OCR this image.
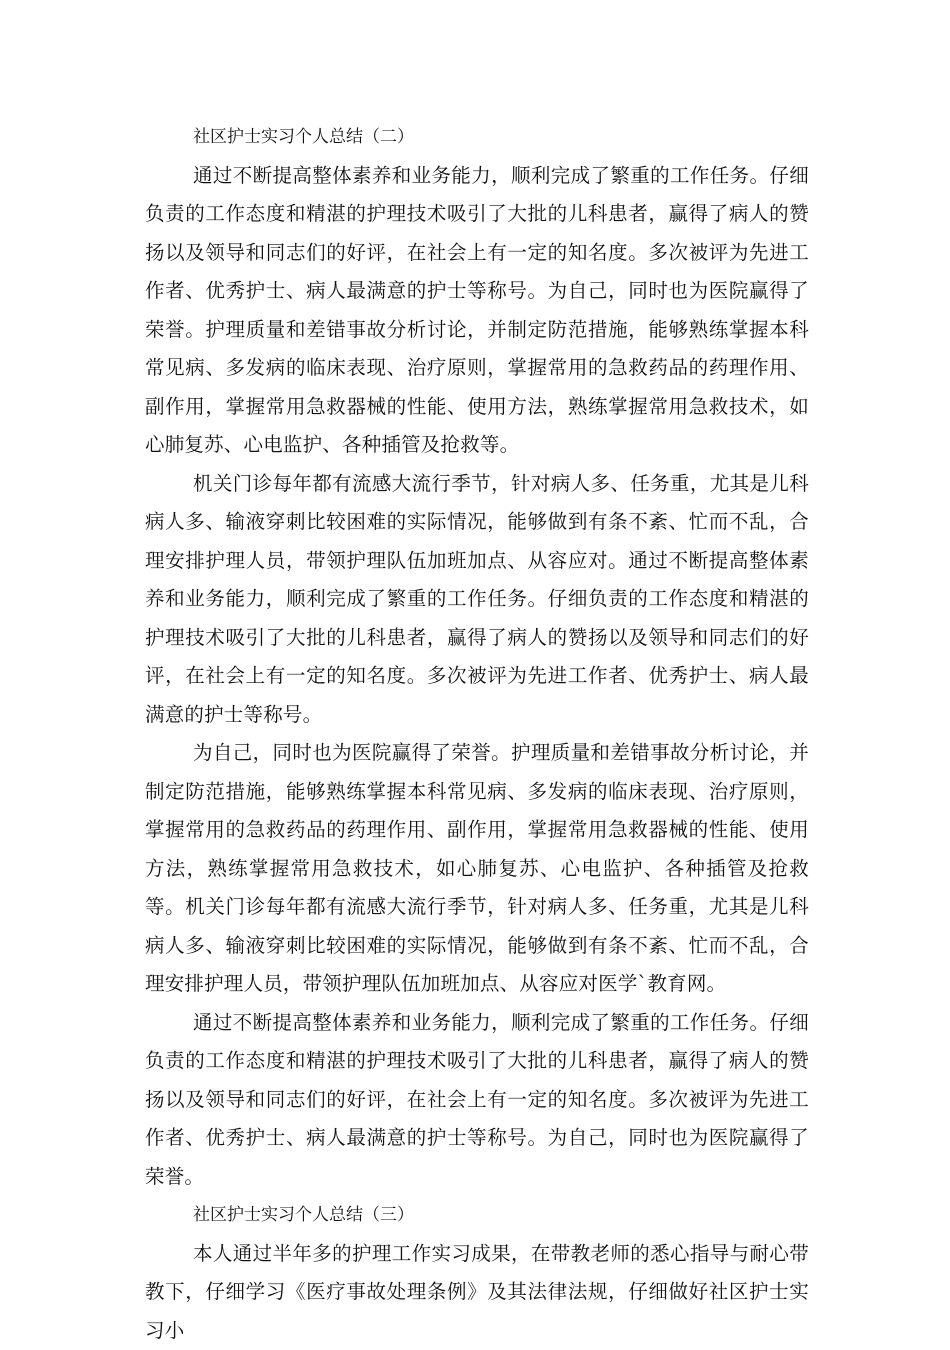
社区护士实习个人总结（二）

通过不断提高整体素养和业务能力，顺利完成了繁重的工作任务。仔细负责的工作态度和精湛的护理技术吸引了大批的儿科患者，赢得了病人的赞扬以及领导和同志们的好评，在社会上有一定的知名度。多次被评为先进工作者、优秀护士、病人最满意的护士等称号。为自己，同时也为医院赢得了荣誉。护理质量和差错事故分析讨论，并制定防范措施，能够熟练掌握本科常见病、多发病的临床表现、治疗原则，掌握常用的急救药品的药理作用、副作用，掌握常用急救器械的性能、使用方法，熟练掌握常用急救技术，如心肺复苏、心电监护、各种插管及抢救等。

机关门诊每年都有流感大流行季节，针对病人多、任务重，尤其是儿科病人多、输液穿刺比较困难的实际情况，能够做到有条不紊、忙而不乱，合理安排护理人员，带领护理队伍加班加点、从容应对。通过不断提高整体素养和业务能力，顺利完成了繁重的工作任务。仔细负责的工作态度和精湛的护理技术吸引了大批的儿科患者，赢得了病人的赞扬以及领导和同志们的好评，在社会上有一定的知名度。多次被评为先进工作者、优秀护士、病人最满意的护士等称号。

为自己，同时也为医院赢得了荣誉。护理质量和差错事故分析讨论，并制定防范措施，能够熟练掌握本科常见病、多发病的临床表现、治疗原则，掌握常用的急救药品的药理作用、副作用，掌握常用急救器械的性能、使用方法，熟练掌握常用急救技术，如心肺复苏、心电监护、各种插管及抢救等。机关门诊每年都有流感大流行季节，针对病人多、任务重，尤其是儿科病人多、输液穿刺比较困难的实际情况，能够做到有条不紊、忙而不乱，合理安排护理人员，带领护理队伍加班加点、从容应对医学`教育网。

通过不断提高整体素养和业务能力，顺利完成了繁重的工作任务。仔细负责的工作态度和精湛的护理技术吸引了大批的儿科患者，赢得了病人的赞扬以及领导和同志们的好评，在社会上有一定的知名度。多次被评为先进工作者、优秀护士、病人最满意的护士等称号。为自己，同时也为医院赢得了荣誉。

社区护士实习个人总结（三）

本人通过半年多的护理工作实习成果，在带教老师的悉心指导与耐心带教下，仔细学习《医疗事故处理条例》及其法律法规，仔细做好社区护士实习小
